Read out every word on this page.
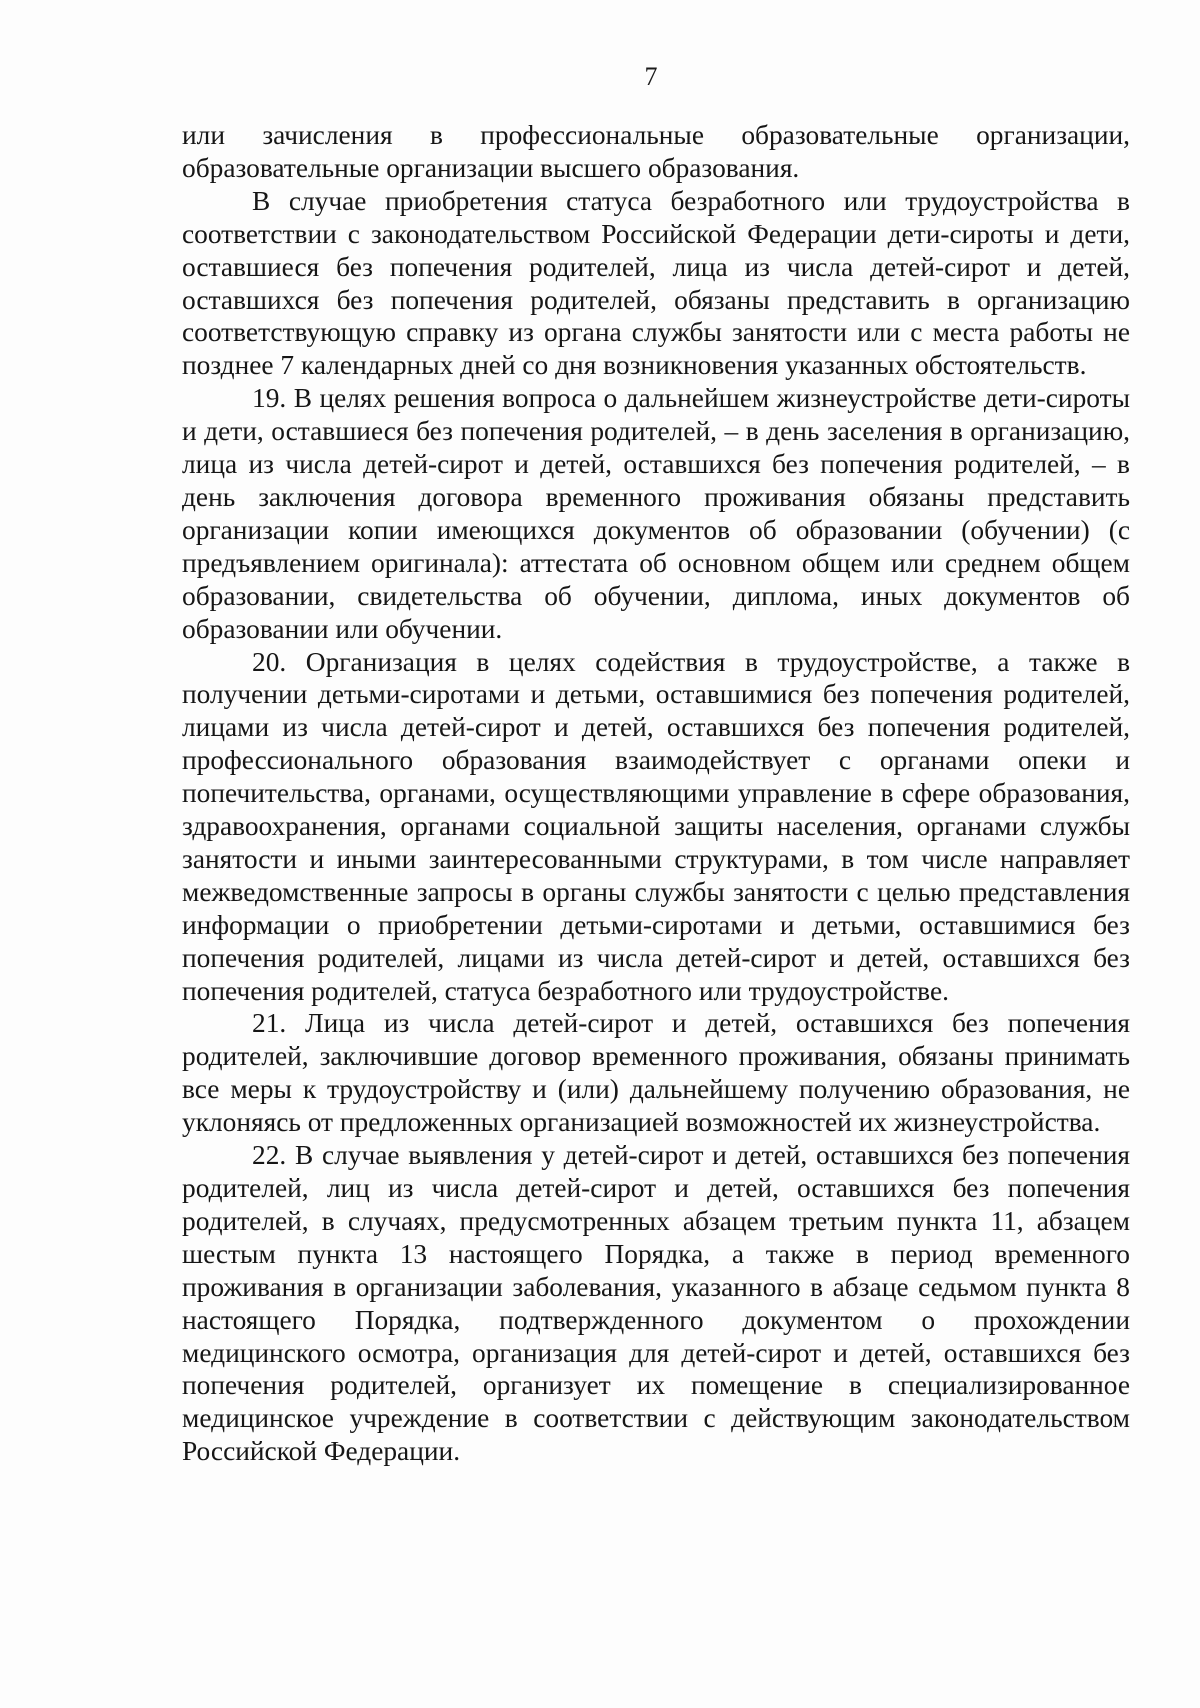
7

или зачисления в профессиональные образовательные организации, образовательные организации высшего образования.

В случае приобретения статуса безработного или трудоустройства в соответствии с законодательством Российской Федерации дети-сироты и дети, оставшиеся без попечения родителей, лица из числа детей-сирот и детей, оставшихся без попечения родителей, обязаны представить в организацию соответствующую справку из органа службы занятости или с места работы не позднее 7 календарных дней со дня возникновения указанных обстоятельств.

19. В целях решения вопроса о дальнейшем жизнеустройстве дети-сироты и дети, оставшиеся без попечения родителей, – в день заселения в организацию, лица из числа детей-сирот и детей, оставшихся без попечения родителей, – в день заключения договора временного проживания обязаны представить организации копии имеющихся документов об образовании (обучении) (с предъявлением оригинала): аттестата об основном общем или среднем общем образовании, свидетельства об обучении, диплома, иных документов об образовании или обучении.

20. Организация в целях содействия в трудоустройстве, а также в получении детьми-сиротами и детьми, оставшимися без попечения родителей, лицами из числа детей-сирот и детей, оставшихся без попечения родителей, профессионального образования взаимодействует с органами опеки и попечительства, органами, осуществляющими управление в сфере образования, здравоохранения, органами социальной защиты населения, органами службы занятости и иными заинтересованными структурами, в том числе направляет межведомственные запросы в органы службы занятости с целью представления информации о приобретении детьми-сиротами и детьми, оставшимися без попечения родителей, лицами из числа детей-сирот и детей, оставшихся без попечения родителей, статуса безработного или трудоустройстве.

21. Лица из числа детей-сирот и детей, оставшихся без попечения родителей, заключившие договор временного проживания, обязаны принимать все меры к трудоустройству и (или) дальнейшему получению образования, не уклоняясь от предложенных организацией возможностей их жизнеустройства.

22. В случае выявления у детей-сирот и детей, оставшихся без попечения родителей, лиц из числа детей-сирот и детей, оставшихся без попечения родителей, в случаях, предусмотренных абзацем третьим пункта 11, абзацем шестым пункта 13 настоящего Порядка, а также в период временного проживания в организации заболевания, указанного в абзаце седьмом пункта 8 настоящего Порядка, подтвержденного документом о прохождении медицинского осмотра, организация для детей-сирот и детей, оставшихся без попечения родителей, организует их помещение в специализированное медицинское учреждение в соответствии с действующим законодательством Российской Федерации.
